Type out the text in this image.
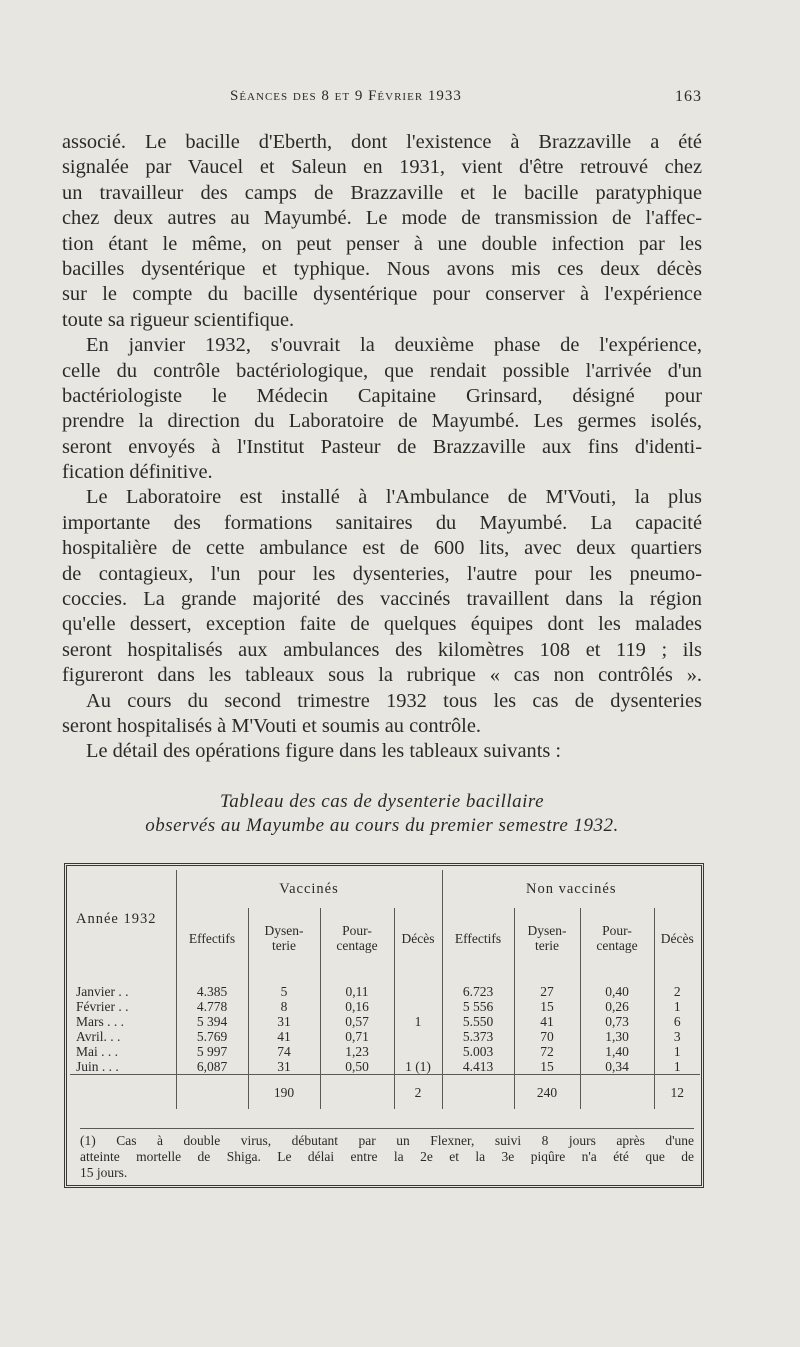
Séances des 8 et 9 Février 1933	163
associé. Le bacille d'Eberth, dont l'existence à Brazzaville a été
signalée par Vaucel et Saleun en 1931, vient d'être retrouvé chez
un travailleur des camps de Brazzaville et le bacille paratyphique
chez deux autres au Mayumbé. Le mode de transmission de l'affec-
tion étant le même, on peut penser à une double infection par les
bacilles dysentérique et typhique. Nous avons mis ces deux décès
sur le compte du bacille dysentérique pour conserver à l'expérience
toute sa rigueur scientifique.
En janvier 1932, s'ouvrait la deuxième phase de l'expérience,
celle du contrôle bactériologique, que rendait possible l'arrivée d'un
bactériologiste le Médecin Capitaine Grinsard, désigné pour
prendre la direction du Laboratoire de Mayumbé. Les germes isolés,
seront envoyés à l'Institut Pasteur de Brazzaville aux fins d'identi-
fication définitive.
Le Laboratoire est installé à l'Ambulance de M'Vouti, la plus
importante des formations sanitaires du Mayumbé. La capacité
hospitalière de cette ambulance est de 600 lits, avec deux quartiers
de contagieux, l'un pour les dysenteries, l'autre pour les pneumo-
coccies. La grande majorité des vaccinés travaillent dans la région
qu'elle dessert, exception faite de quelques équipes dont les malades
seront hospitalisés aux ambulances des kilomètres 108 et 119 ; ils
figureront dans les tableaux sous la rubrique « cas non contrôlés ».
Au cours du second trimestre 1932 tous les cas de dysenteries
seront hospitalisés à M'Vouti et soumis au contrôle.
Le détail des opérations figure dans les tableaux suivants :
Tableau des cas de dysenterie bacillaire
observés au Mayumbe au cours du premier semestre 1932.
Année 1932	Vaccinés				Non vaccinés			
	Effectifs	Dysen-
terie	Pour-
centage	Décès	Effectifs	Dysen-
terie	Pour-
centage	Décès

Janvier . .	4.385	5	0,11		6.723	27	0,40	2
Février . .	4.778	8	0,16		5 556	15	0,26	1
Mars . . .	5 394	31	0,57	1	5.550	41	0,73	6
Avril. . .	5.769	41	0,71		5.373	70	1,30	3
Mai . . .	5 997	74	1,23		5.003	72	1,40	1
Juin . . .	6,087	31	0,50	1 (1)	4.413	15	0,34	1
		190		2		240		12
(1) Cas à double virus, débutant par un Flexner, suivi 8 jours après d'une
atteinte mortelle de Shiga. Le délai entre la 2e et la 3e piqûre n'a été que de
15 jours.
